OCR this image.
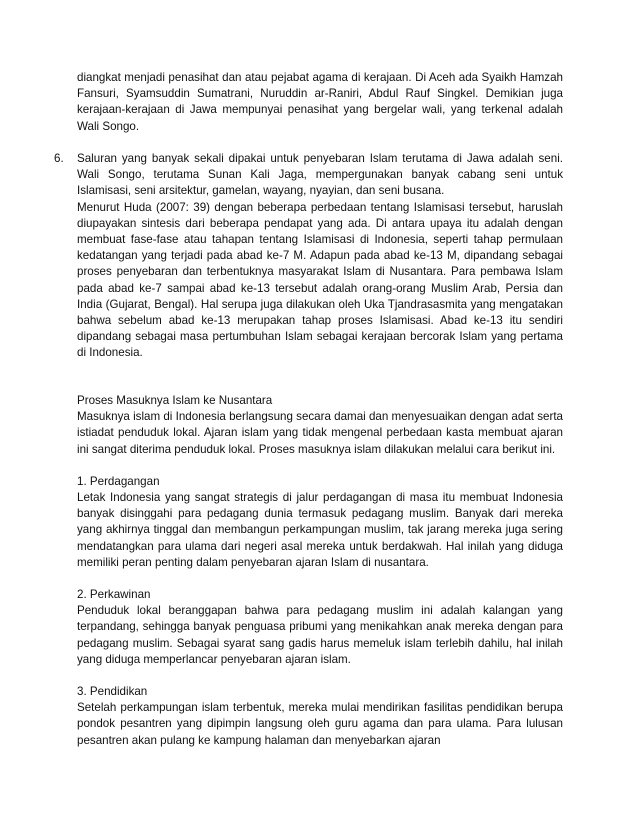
diangkat menjadi penasihat dan atau pejabat agama di kerajaan. Di Aceh ada Syaikh Hamzah Fansuri, Syamsuddin Sumatrani, Nuruddin ar-Raniri, Abdul Rauf Singkel. Demikian juga kerajaan-kerajaan di Jawa mempunyai penasihat yang bergelar wali, yang terkenal adalah Wali Songo.

6. Saluran yang banyak sekali dipakai untuk penyebaran Islam terutama di Jawa adalah seni. Wali Songo, terutama Sunan Kali Jaga, mempergunakan banyak cabang seni untuk Islamisasi, seni arsitektur, gamelan, wayang, nyayian, dan seni busana.

Menurut Huda (2007: 39) dengan beberapa perbedaan tentang Islamisasi tersebut, haruslah diupayakan sintesis dari beberapa pendapat yang ada. Di antara upaya itu adalah dengan membuat fase-fase atau tahapan tentang Islamisasi di Indonesia, seperti tahap permulaan kedatangan yang terjadi pada abad ke-7 M. Adapun pada abad ke-13 M, dipandang sebagai proses penyebaran dan terbentuknya masyarakat Islam di Nusantara. Para pembawa Islam pada abad ke-7 sampai abad ke-13 tersebut adalah orang-orang Muslim Arab, Persia dan India (Gujarat, Bengal). Hal serupa juga dilakukan oleh Uka Tjandrasasmita yang mengatakan bahwa sebelum abad ke-13 merupakan tahap proses Islamisasi. Abad ke-13 itu sendiri dipandang sebagai masa pertumbuhan Islam sebagai kerajaan bercorak Islam yang pertama di Indonesia.

Proses Masuknya Islam ke Nusantara

Masuknya islam di Indonesia berlangsung secara damai dan menyesuaikan dengan adat serta istiadat penduduk lokal. Ajaran islam yang tidak mengenal perbedaan kasta membuat ajaran ini sangat diterima penduduk lokal. Proses masuknya islam dilakukan melalui cara berikut ini.

1. Perdagangan

Letak Indonesia yang sangat strategis di jalur perdagangan di masa itu membuat Indonesia banyak disinggahi para pedagang dunia termasuk pedagang muslim. Banyak dari mereka yang akhirnya tinggal dan membangun perkampungan muslim, tak jarang mereka juga sering mendatangkan para ulama dari negeri asal mereka untuk berdakwah. Hal inilah yang diduga memiliki peran penting dalam penyebaran ajaran Islam di nusantara.

2. Perkawinan

Penduduk lokal beranggapan bahwa para pedagang muslim ini adalah kalangan yang terpandang, sehingga banyak penguasa pribumi yang menikahkan anak mereka dengan para pedagang muslim. Sebagai syarat sang gadis harus memeluk islam terlebih dahilu, hal inilah yang diduga memperlancar penyebaran ajaran islam.

3. Pendidikan

Setelah perkampungan islam terbentuk, mereka mulai mendirikan fasilitas pendidikan berupa pondok pesantren yang dipimpin langsung oleh guru agama dan para ulama. Para lulusan pesantren akan pulang ke kampung halaman dan menyebarkan ajaran
